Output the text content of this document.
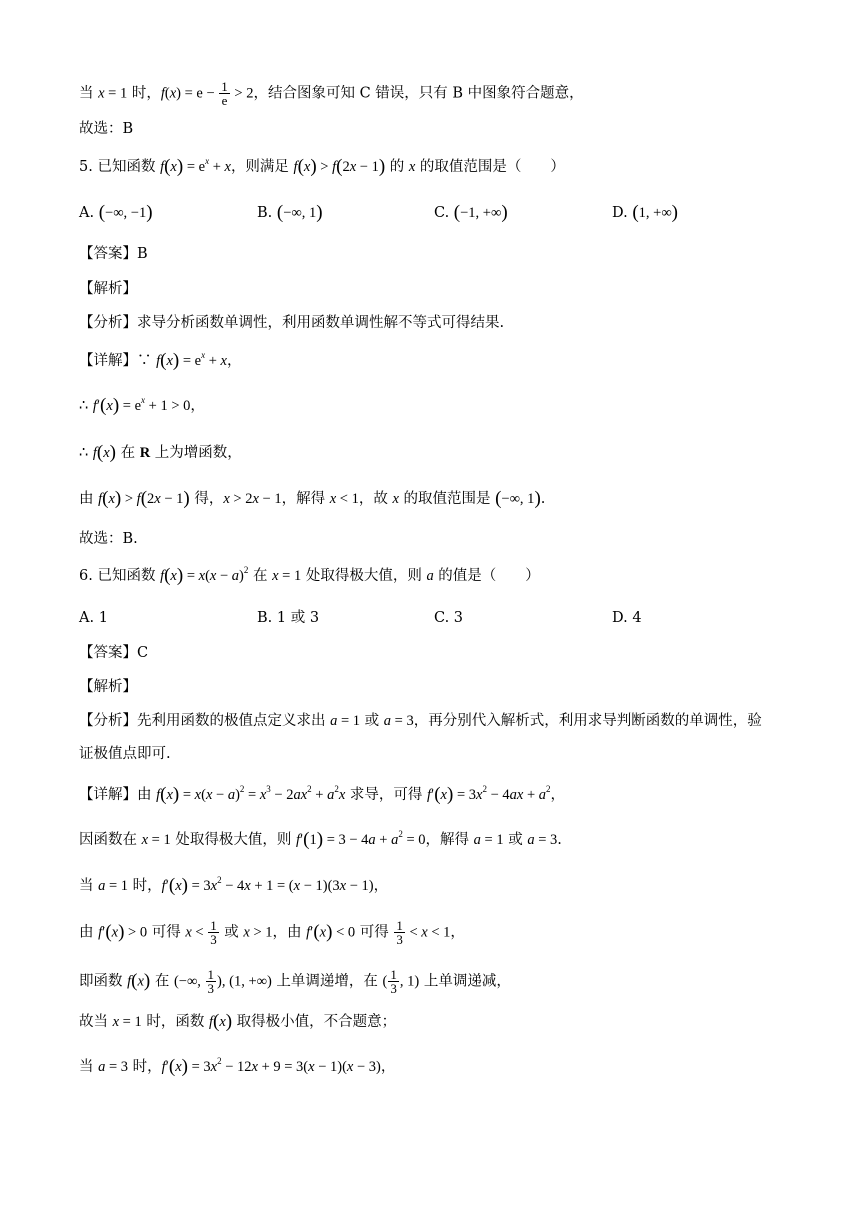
当 x = 1 时，$f(x) = e - \frac{1}{e} > 2$，结合图象可知 C 错误，只有 B 中图象符合题意，
故选：B
5. 已知函数 $f(x) = e^x + x$，则满足 f(x) > f(2x − 1) 的 x 的取值范围是（　　）
A. (−∞, −1)	B. (−∞, 1)	C. (−1, +∞)	D. (1, +∞)
【答案】B
【解析】
【分析】求导分析函数单调性，利用函数单调性解不等式可得结果.
【详解】∵ $f(x) = e^x + x$，
∴ $f'(x) = e^x + 1 > 0$，
∴ f(x) 在 R 上为增函数，
由 f(x) > f(2x − 1) 得，x > 2x − 1，解得 x < 1，故 x 的取值范围是 (−∞, 1).
故选：B.
6. 已知函数 $f(x) = x(x - a)^2$ 在 x = 1 处取得极大值，则 a 的值是（　　）
A. 1	B. 1 或 3	C. 3	D. 4
【答案】C
【解析】
【分析】先利用函数的极值点定义求出 a = 1 或 a = 3，再分别代入解析式，利用求导判断函数的单调性，验
证极值点即可.
【详解】由 $f(x) = x(x - a)^2 = x^3 - 2ax^2 + a^2x$ 求导，可得 $f'(x) = 3x^2 - 4ax + a^2$，
因函数在 x = 1 处取得极大值，则 $f'(1) = 3 - 4a + a^2 = 0$，解得 a = 1 或 a = 3.
当 a = 1 时，$f'(x) = 3x^2 - 4x + 1 = (x - 1)(3x - 1)$，
由 f′(x) > 0 可得 $x < \frac{1}{3}$ 或 x > 1，由 f′(x) < 0 可得 $\frac{1}{3} < x < 1$，
即函数 f(x) 在 (−∞, $\frac{1}{3}$ ), (1, +∞) 上单调递增，在 ( $\frac{1}{3}$ , 1) 上单调递减，
故当 x = 1 时，函数 f(x) 取得极小值，不合题意；
当 a = 3 时，$f'(x) = 3x^2 - 12x + 9 = 3(x - 1)(x - 3)$，
